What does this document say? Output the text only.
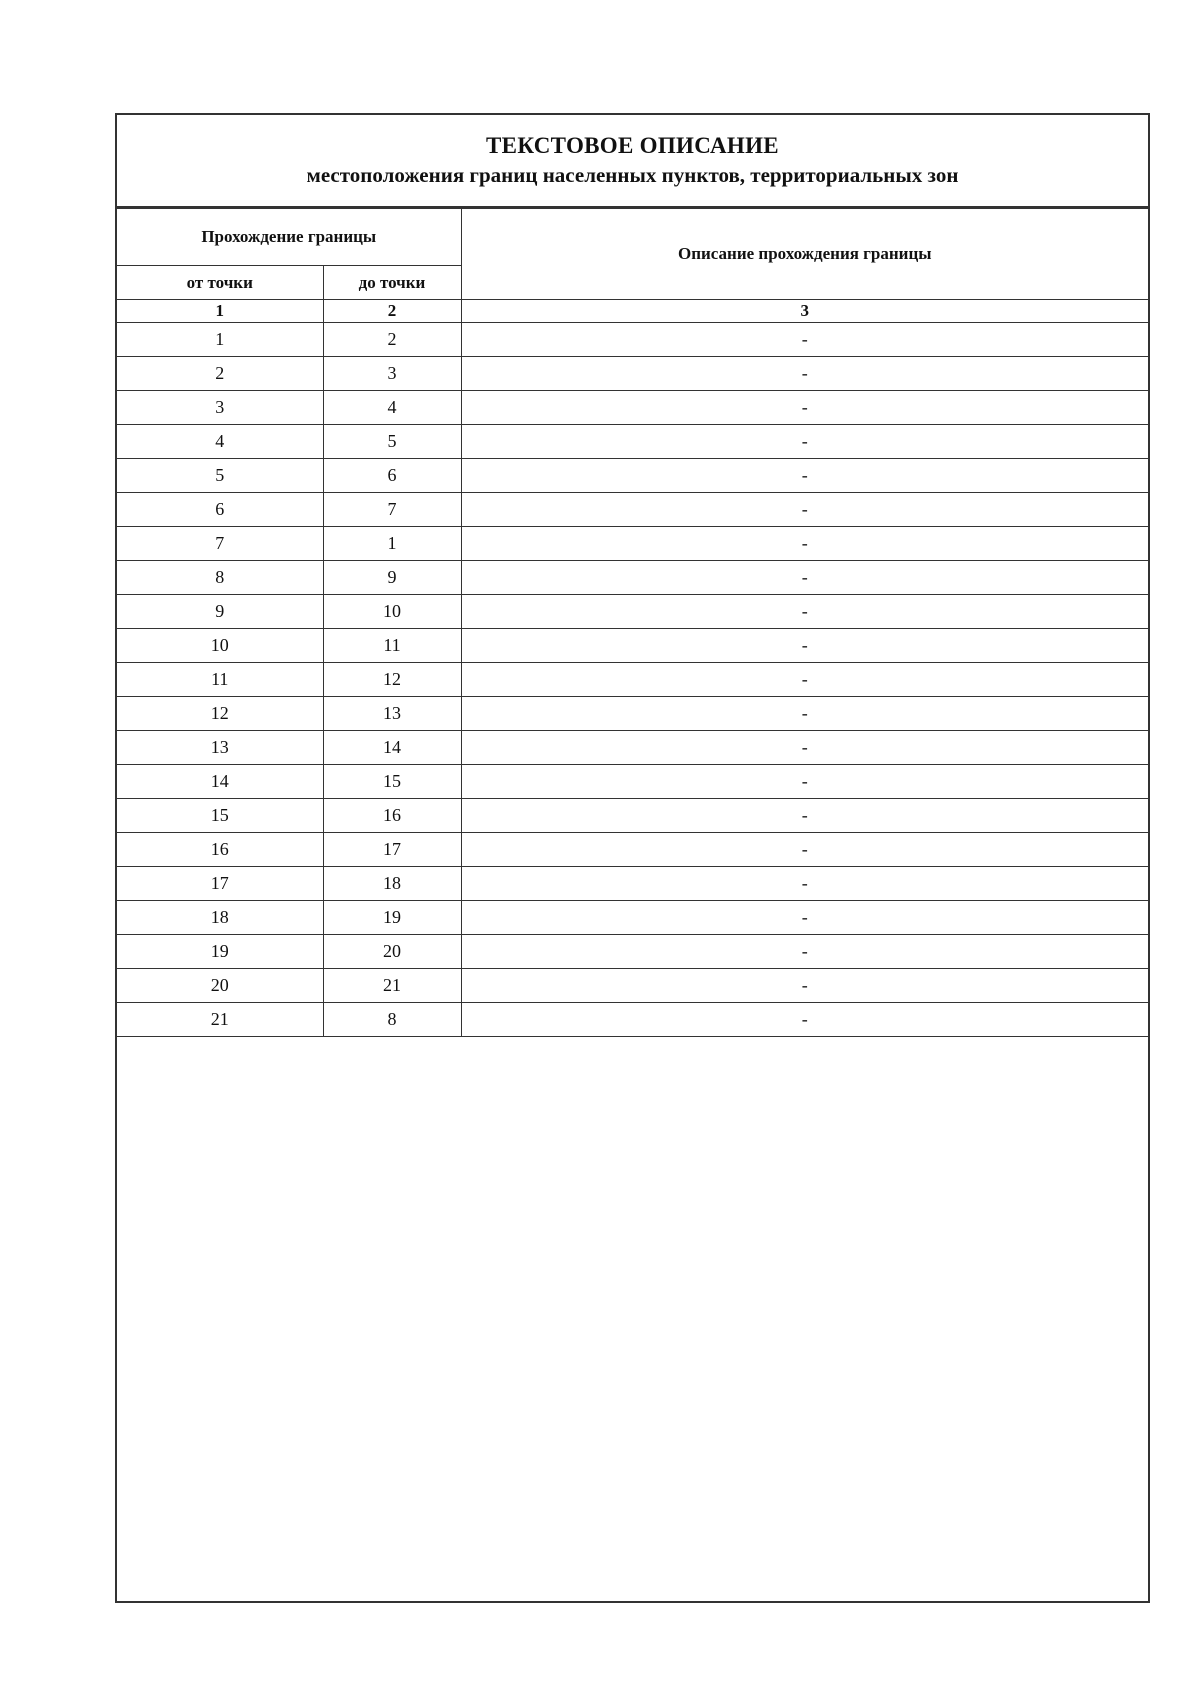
ТЕКСТОВОЕ ОПИСАНИЕ
местоположения границ населенных пунктов, территориальных зон
Прохождение границы		Описание прохождения границы
от точки	до точки	
1	2	3
1	2	-
2	3	-
3	4	-
4	5	-
5	6	-
6	7	-
7	1	-
8	9	-
9	10	-
10	11	-
11	12	-
12	13	-
13	14	-
14	15	-
15	16	-
16	17	-
17	18	-
18	19	-
19	20	-
20	21	-
21	8	-
